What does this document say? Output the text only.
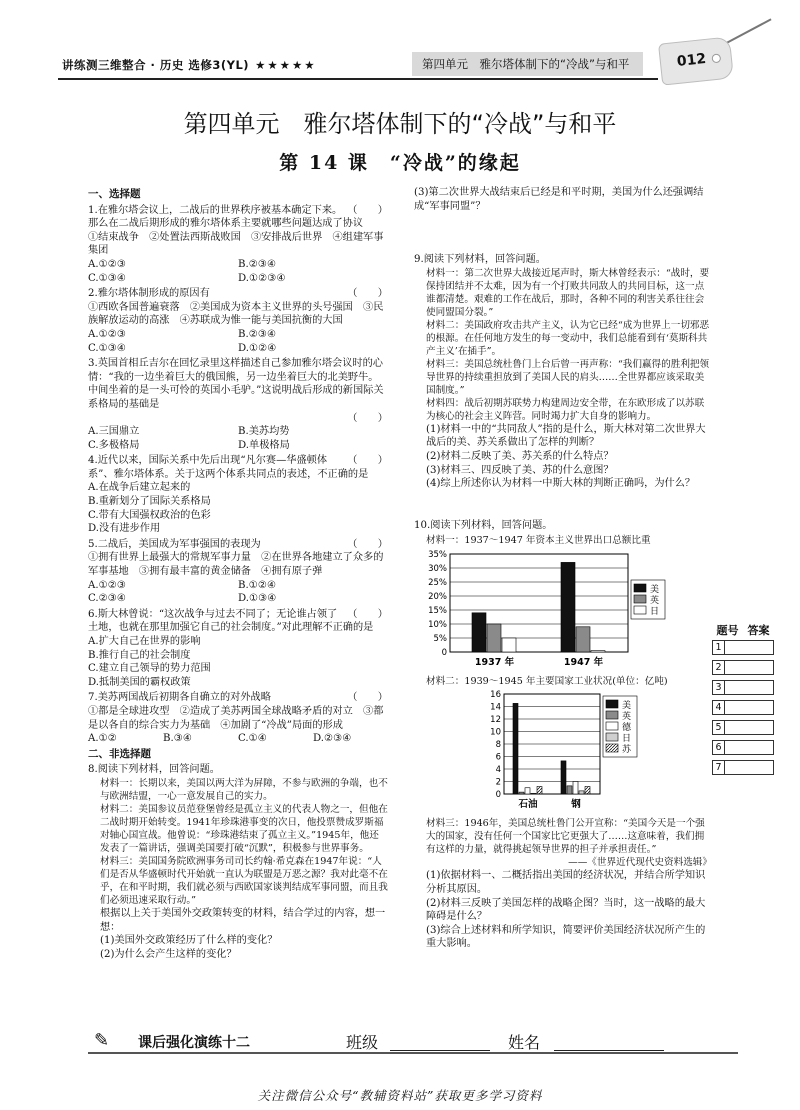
讲练测三维整合 · 历史 选修3(YL) ★★★★★	第四单元　雅尔塔体制下的“冷战”与和平	012
第四单元　雅尔塔体制下的“冷战”与和平
第 14 课　“冷战”的缘起
一、选择题
（　　）
1.在雅尔塔会议上，二战后的世界秩序被基本确定下来。那么在二战后期形成的雅尔塔体系主要就哪些问题达成了协议
①结束战争　②处置法西斯战败国　③安排战后世界　④组建军事集团
A.①②③	B.②③④
C.①③④	D.①②③④
（　　）
2.雅尔塔体制形成的原因有
①西欧各国普遍衰落　②美国成为资本主义世界的头号强国　③民族解放运动的高涨　④苏联成为惟一能与美国抗衡的大国
A.①②③	B.②③④
C.①③④	D.①②④
3.英国首相丘吉尔在回忆录里这样描述自己参加雅尔塔会议时的心情：“我的一边坐着巨大的俄国熊，另一边坐着巨大的北美野牛。中间坐着的是一头可怜的英国小毛驴。”这说明战后形成的新国际关系格局的基础是
（　　）
A.三国鼎立	B.美苏均势
C.多极格局	D.单极格局
（　　）
4.近代以来，国际关系中先后出现“凡尔赛—华盛顿体系”、雅尔塔体系。关于这两个体系共同点的表述，不正确的是
A.在战争后建立起来的
B.重新划分了国际关系格局
C.带有大国强权政治的色彩
D.没有进步作用
（　　）
5.二战后，美国成为军事强国的表现为
①拥有世界上最强大的常规军事力量　②在世界各地建立了众多的军事基地　③拥有最丰富的黄金储备　④拥有原子弹
A.①②③	B.①②④
C.②③④	D.①③④
（　　）
6.斯大林曾说：“这次战争与过去不同了；无论谁占领了土地，也就在那里加强它自己的社会制度。”对此理解不正确的是
A.扩大自己在世界的影响
B.推行自己的社会制度
C.建立自己领导的势力范围
D.抵制美国的霸权政策
（　　）
7.美苏两国战后初期各自确立的对外战略
①都是全球进攻型　②造成了美苏两国全球战略矛盾的对立　③都是以各自的综合实力为基础　④加剧了“冷战”局面的形成
A.①②	B.③④	C.①④	D.②③④
二、非选择题
8.阅读下列材料，回答问题。
材料一：长期以来，美国以两大洋为屏障，不参与欧洲的争端，也不与欧洲结盟，一心一意发展自己的实力。
材料二：美国参议员范登堡曾经是孤立主义的代表人物之一，但他在二战时期开始转变。1941年珍珠港事变的次日，他投票赞成罗斯福对轴心国宣战。他曾说：“珍珠港结束了孤立主义。”1945年，他还发表了一篇讲话，强调美国要打破“沉默”，积极参与世界事务。
材料三：美国国务院欧洲事务司司长约翰·希克森在1947年说：“人们是否从华盛顿时代开始就一直认为联盟是万恶之源？我对此毫不在乎，在和平时期，我们就必须与西欧国家谈判结成军事同盟，而且我们必须迅速采取行动。”
根据以上关于美国外交政策转变的材料，结合学过的内容，想一想：
(1)美国外交政策经历了什么样的变化？
(2)为什么会产生这样的变化？
(3)第二次世界大战结束后已经是和平时期，美国为什么还强调结成“军事同盟”？
9.阅读下列材料，回答问题。
材料一：第二次世界大战接近尾声时，斯大林曾经表示：“战时，要保持团结并不太难，因为有一个打败共同敌人的共同目标，这一点谁都清楚。艰难的工作在战后，那时，各种不同的利害关系往往会使同盟国分裂。”
材料二：美国政府攻击共产主义，认为它已经“成为世界上一切邪恶的根源。在任何地方发生的每一变动中，我们总能看到有‘莫斯科共产主义’在插手”。
材料三：美国总统杜鲁门上台后曾一再声称：“我们赢得的胜利把领导世界的持续重担放到了美国人民的肩头……全世界都应该采取美国制度。”
材料四：战后初期苏联势力构建周边安全带，在东欧形成了以苏联为核心的社会主义阵营。同时竭力扩大自身的影响力。
(1)材料一中的“共同敌人”指的是什么，斯大林对第二次世界大战后的美、苏关系做出了怎样的判断？
(2)材料二反映了美、苏关系的什么特点？
(3)材料三、四反映了美、苏的什么意图？
(4)综上所述你认为材料一中斯大林的判断正确吗，为什么？
10.阅读下列材料，回答问题。
材料一：1937～1947 年资本主义世界出口总额比重
0
5%
10%
15%
20%
25%
30%
35%
1937 年	1947 年
美
英
日
材料二：1939～1945 年主要国家工业状况(单位：亿吨)
0
2
4
6
8
10
12
14
16
石油	钢
美
英
德
日
苏
材料三：1946年，美国总统杜鲁门公开宣称：“美国今天是一个强大的国家，没有任何一个国家比它更强大了……这意味着，我们拥有这样的力量，就得挑起领导世界的担子并承担责任。”
——《世界近代现代史资料选辑》
(1)依据材料一、二概括指出美国的经济状况，并结合所学知识分析其原因。
(2)材料三反映了美国怎样的战略企图？当时，这一战略的最大障碍是什么？
(3)综合上述材料和所学知识，简要评价美国经济状况所产生的重大影响。
题号 答案
1
2
3
4
5
6
7
✎ 课后强化演练十二	班级	姓名
关注微信公众号“教辅资料站”获取更多学习资料
